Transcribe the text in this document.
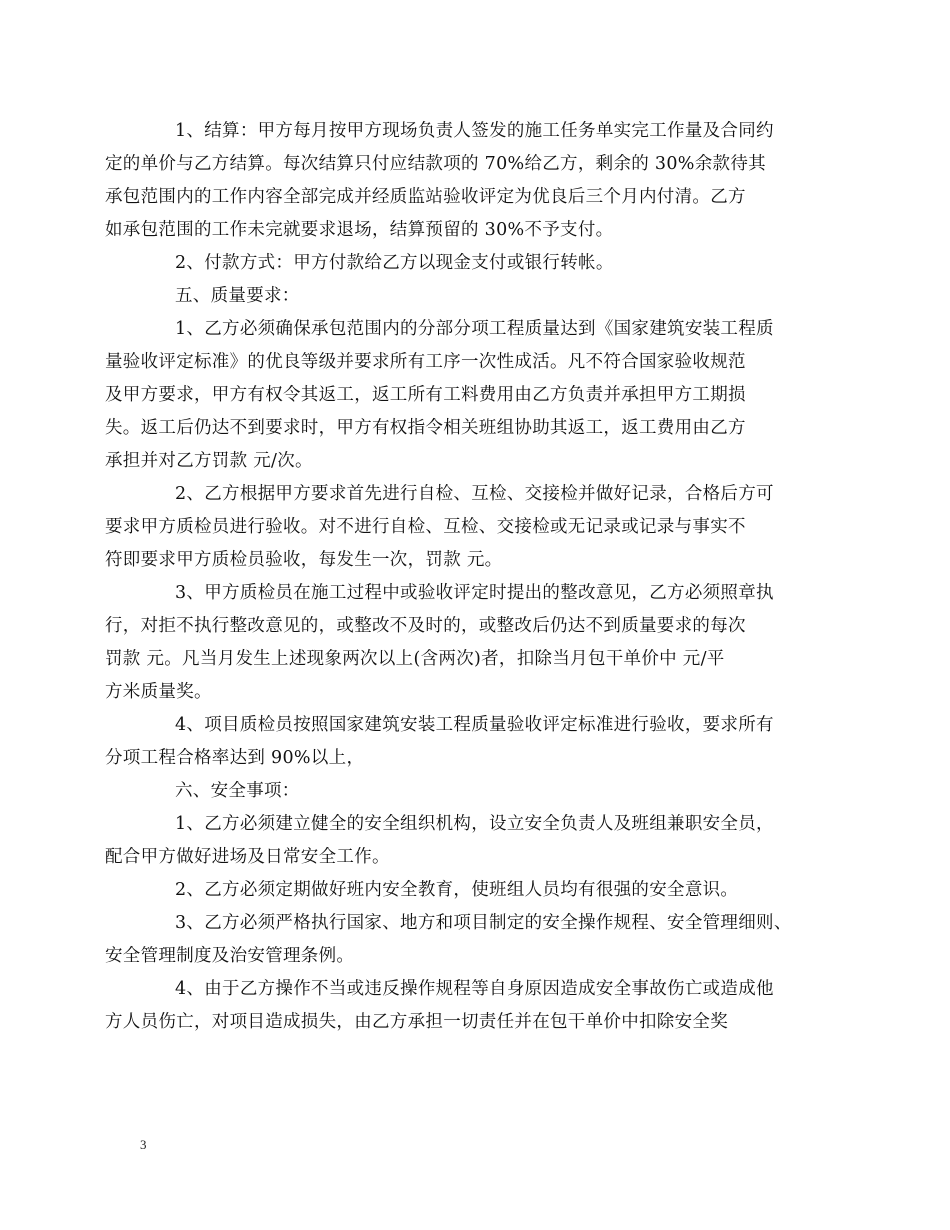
1、结算：甲方每月按甲方现场负责人签发的施工任务单实完工作量及合同约
定的单价与乙方结算。每次结算只付应结款项的 70%给乙方，剩余的 30%余款待其
承包范围内的工作内容全部完成并经质监站验收评定为优良后三个月内付清。乙方
如承包范围的工作未完就要求退场，结算预留的 30%不予支付。

2、付款方式：甲方付款给乙方以现金支付或银行转帐。

五、质量要求：

1、乙方必须确保承包范围内的分部分项工程质量达到《国家建筑安装工程质
量验收评定标准》的优良等级并要求所有工序一次性成活。凡不符合国家验收规范
及甲方要求，甲方有权令其返工，返工所有工料费用由乙方负责并承担甲方工期损
失。返工后仍达不到要求时，甲方有权指令相关班组协助其返工，返工费用由乙方
承担并对乙方罚款 元/次。

2、乙方根据甲方要求首先进行自检、互检、交接检并做好记录，合格后方可
要求甲方质检员进行验收。对不进行自检、互检、交接检或无记录或记录与事实不
符即要求甲方质检员验收，每发生一次，罚款 元。

3、甲方质检员在施工过程中或验收评定时提出的整改意见，乙方必须照章执
行，对拒不执行整改意见的，或整改不及时的，或整改后仍达不到质量要求的每次
罚款 元。凡当月发生上述现象两次以上(含两次)者，扣除当月包干单价中 元/平
方米质量奖。

4、项目质检员按照国家建筑安装工程质量验收评定标准进行验收，要求所有
分项工程合格率达到 90%以上，

六、安全事项：

1、乙方必须建立健全的安全组织机构，设立安全负责人及班组兼职安全员，
配合甲方做好进场及日常安全工作。

2、乙方必须定期做好班内安全教育，使班组人员均有很强的安全意识。

3、乙方必须严格执行国家、地方和项目制定的安全操作规程、安全管理细则、
安全管理制度及治安管理条例。

4、由于乙方操作不当或违反操作规程等自身原因造成安全事故伤亡或造成他
方人员伤亡，对项目造成损失，由乙方承担一切责任并在包干单价中扣除安全奖

3
